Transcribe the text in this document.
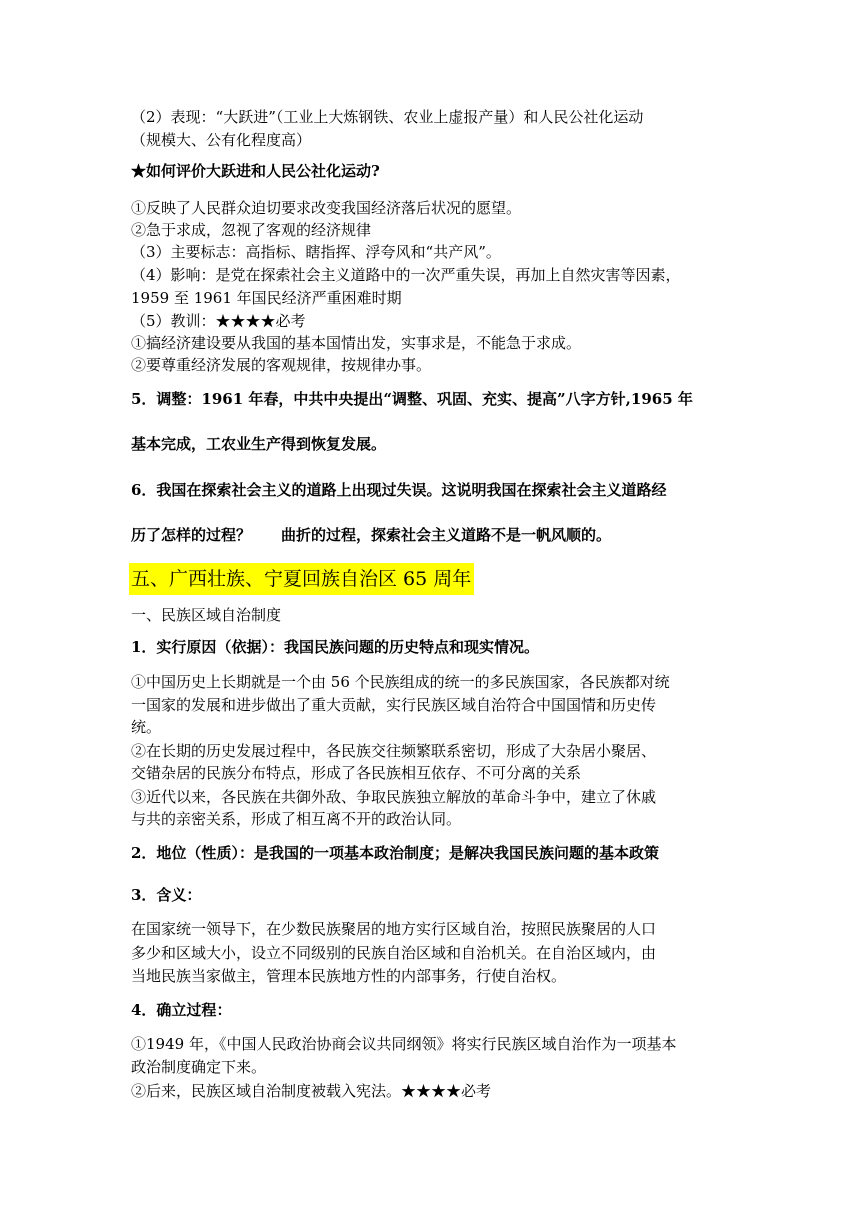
（2）表现：“大跃进”（工业上大炼钢铁、农业上虚报产量）和人民公社化运动
（规模大、公有化程度高）
★如何评价大跃进和人民公社化运动?
①反映了人民群众迫切要求改变我国经济落后状况的愿望。
②急于求成，忽视了客观的经济规律
（3）主要标志：高指标、瞎指挥、浮夸风和“共产风”。
（4）影响：是党在探索社会主义道路中的一次严重失误，再加上自然灾害等因素，
1959 至 1961 年国民经济严重困难时期
（5）教训：★★★★必考
①搞经济建设要从我国的基本国情出发，实事求是，不能急于求成。
②要尊重经济发展的客观规律，按规律办事。
5．调整：1961 年春，中共中央提出“调整、巩固、充实、提高”八字方针,1965 年
基本完成，工农业生产得到恢复发展。
6．我国在探索社会主义的道路上出现过失误。这说明我国在探索社会主义道路经
历了怎样的过程？　　曲折的过程，探索社会主义道路不是一帆风顺的。
五、广西壮族、宁夏回族自治区 65 周年
一、民族区域自治制度
1．实行原因（依据）：我国民族问题的历史特点和现实情况。
①中国历史上长期就是一个由 56 个民族组成的统一的多民族国家，各民族都对统
一国家的发展和进步做出了重大贡献，实行民族区域自治符合中国国情和历史传
统。
②在长期的历史发展过程中，各民族交往频繁联系密切，形成了大杂居小聚居、
交错杂居的民族分布特点，形成了各民族相互依存、不可分离的关系
③近代以来，各民族在共御外敌、争取民族独立解放的革命斗争中，建立了休戚
与共的亲密关系，形成了相互离不开的政治认同。
2．地位（性质）：是我国的一项基本政治制度；是解决我国民族问题的基本政策
3．含义：
在国家统一领导下，在少数民族聚居的地方实行区域自治，按照民族聚居的人口
多少和区域大小，设立不同级别的民族自治区域和自治机关。在自治区域内，由
当地民族当家做主，管理本民族地方性的内部事务，行使自治权。
4．确立过程：
①1949 年，《中国人民政治协商会议共同纲领》将实行民族区域自治作为一项基本
政治制度确定下来。
②后来，民族区域自治制度被载入宪法。★★★★必考
